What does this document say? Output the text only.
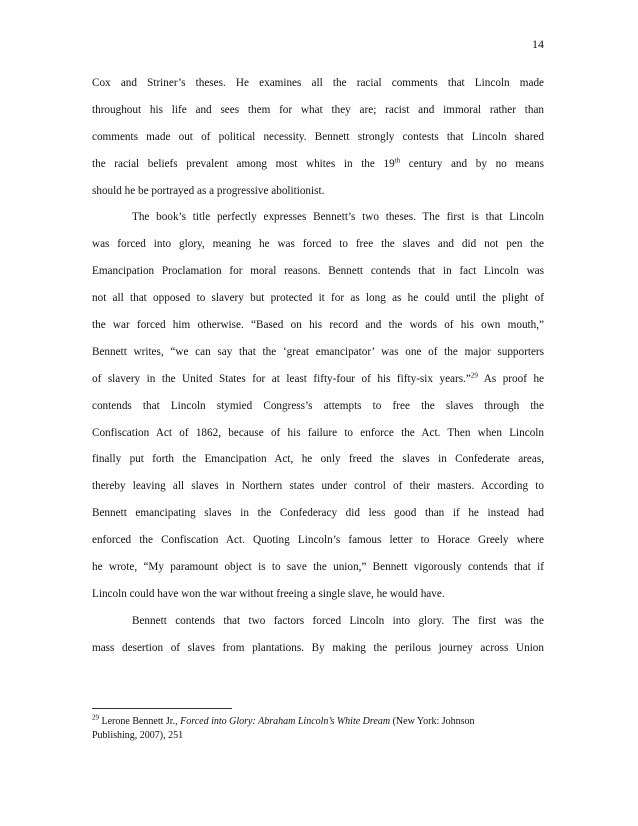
14
Cox and Striner’s theses. He examines all the racial comments that Lincoln made
throughout his life and sees them for what they are; racist and immoral rather than
comments made out of political necessity. Bennett strongly contests that Lincoln shared
the racial beliefs prevalent among most whites in the 19th century and by no means
should he be portrayed as a progressive abolitionist.
The book’s title perfectly expresses Bennett’s two theses. The first is that Lincoln
was forced into glory, meaning he was forced to free the slaves and did not pen the
Emancipation Proclamation for moral reasons. Bennett contends that in fact Lincoln was
not all that opposed to slavery but protected it for as long as he could until the plight of
the war forced him otherwise. “Based on his record and the words of his own mouth,”
Bennett writes, “we can say that the ‘great emancipator’ was one of the major supporters
of slavery in the United States for at least fifty-four of his fifty-six years.”$^{29}$ As proof he
contends that Lincoln stymied Congress’s attempts to free the slaves through the
Confiscation Act of 1862, because of his failure to enforce the Act. Then when Lincoln
finally put forth the Emancipation Act, he only freed the slaves in Confederate areas,
thereby leaving all slaves in Northern states under control of their masters. According to
Bennett emancipating slaves in the Confederacy did less good than if he instead had
enforced the Confiscation Act. Quoting Lincoln’s famous letter to Horace Greely where
he wrote, “My paramount object is to save the union,” Bennett vigorously contends that if
Lincoln could have won the war without freeing a single slave, he would have.
Bennett contends that two factors forced Lincoln into glory. The first was the
mass desertion of slaves from plantations. By making the perilous journey across Union
$^{29}$ Lerone Bennett Jr., Forced into Glory: Abraham Lincoln’s White Dream (New York: Johnson
Publishing, 2007), 251
